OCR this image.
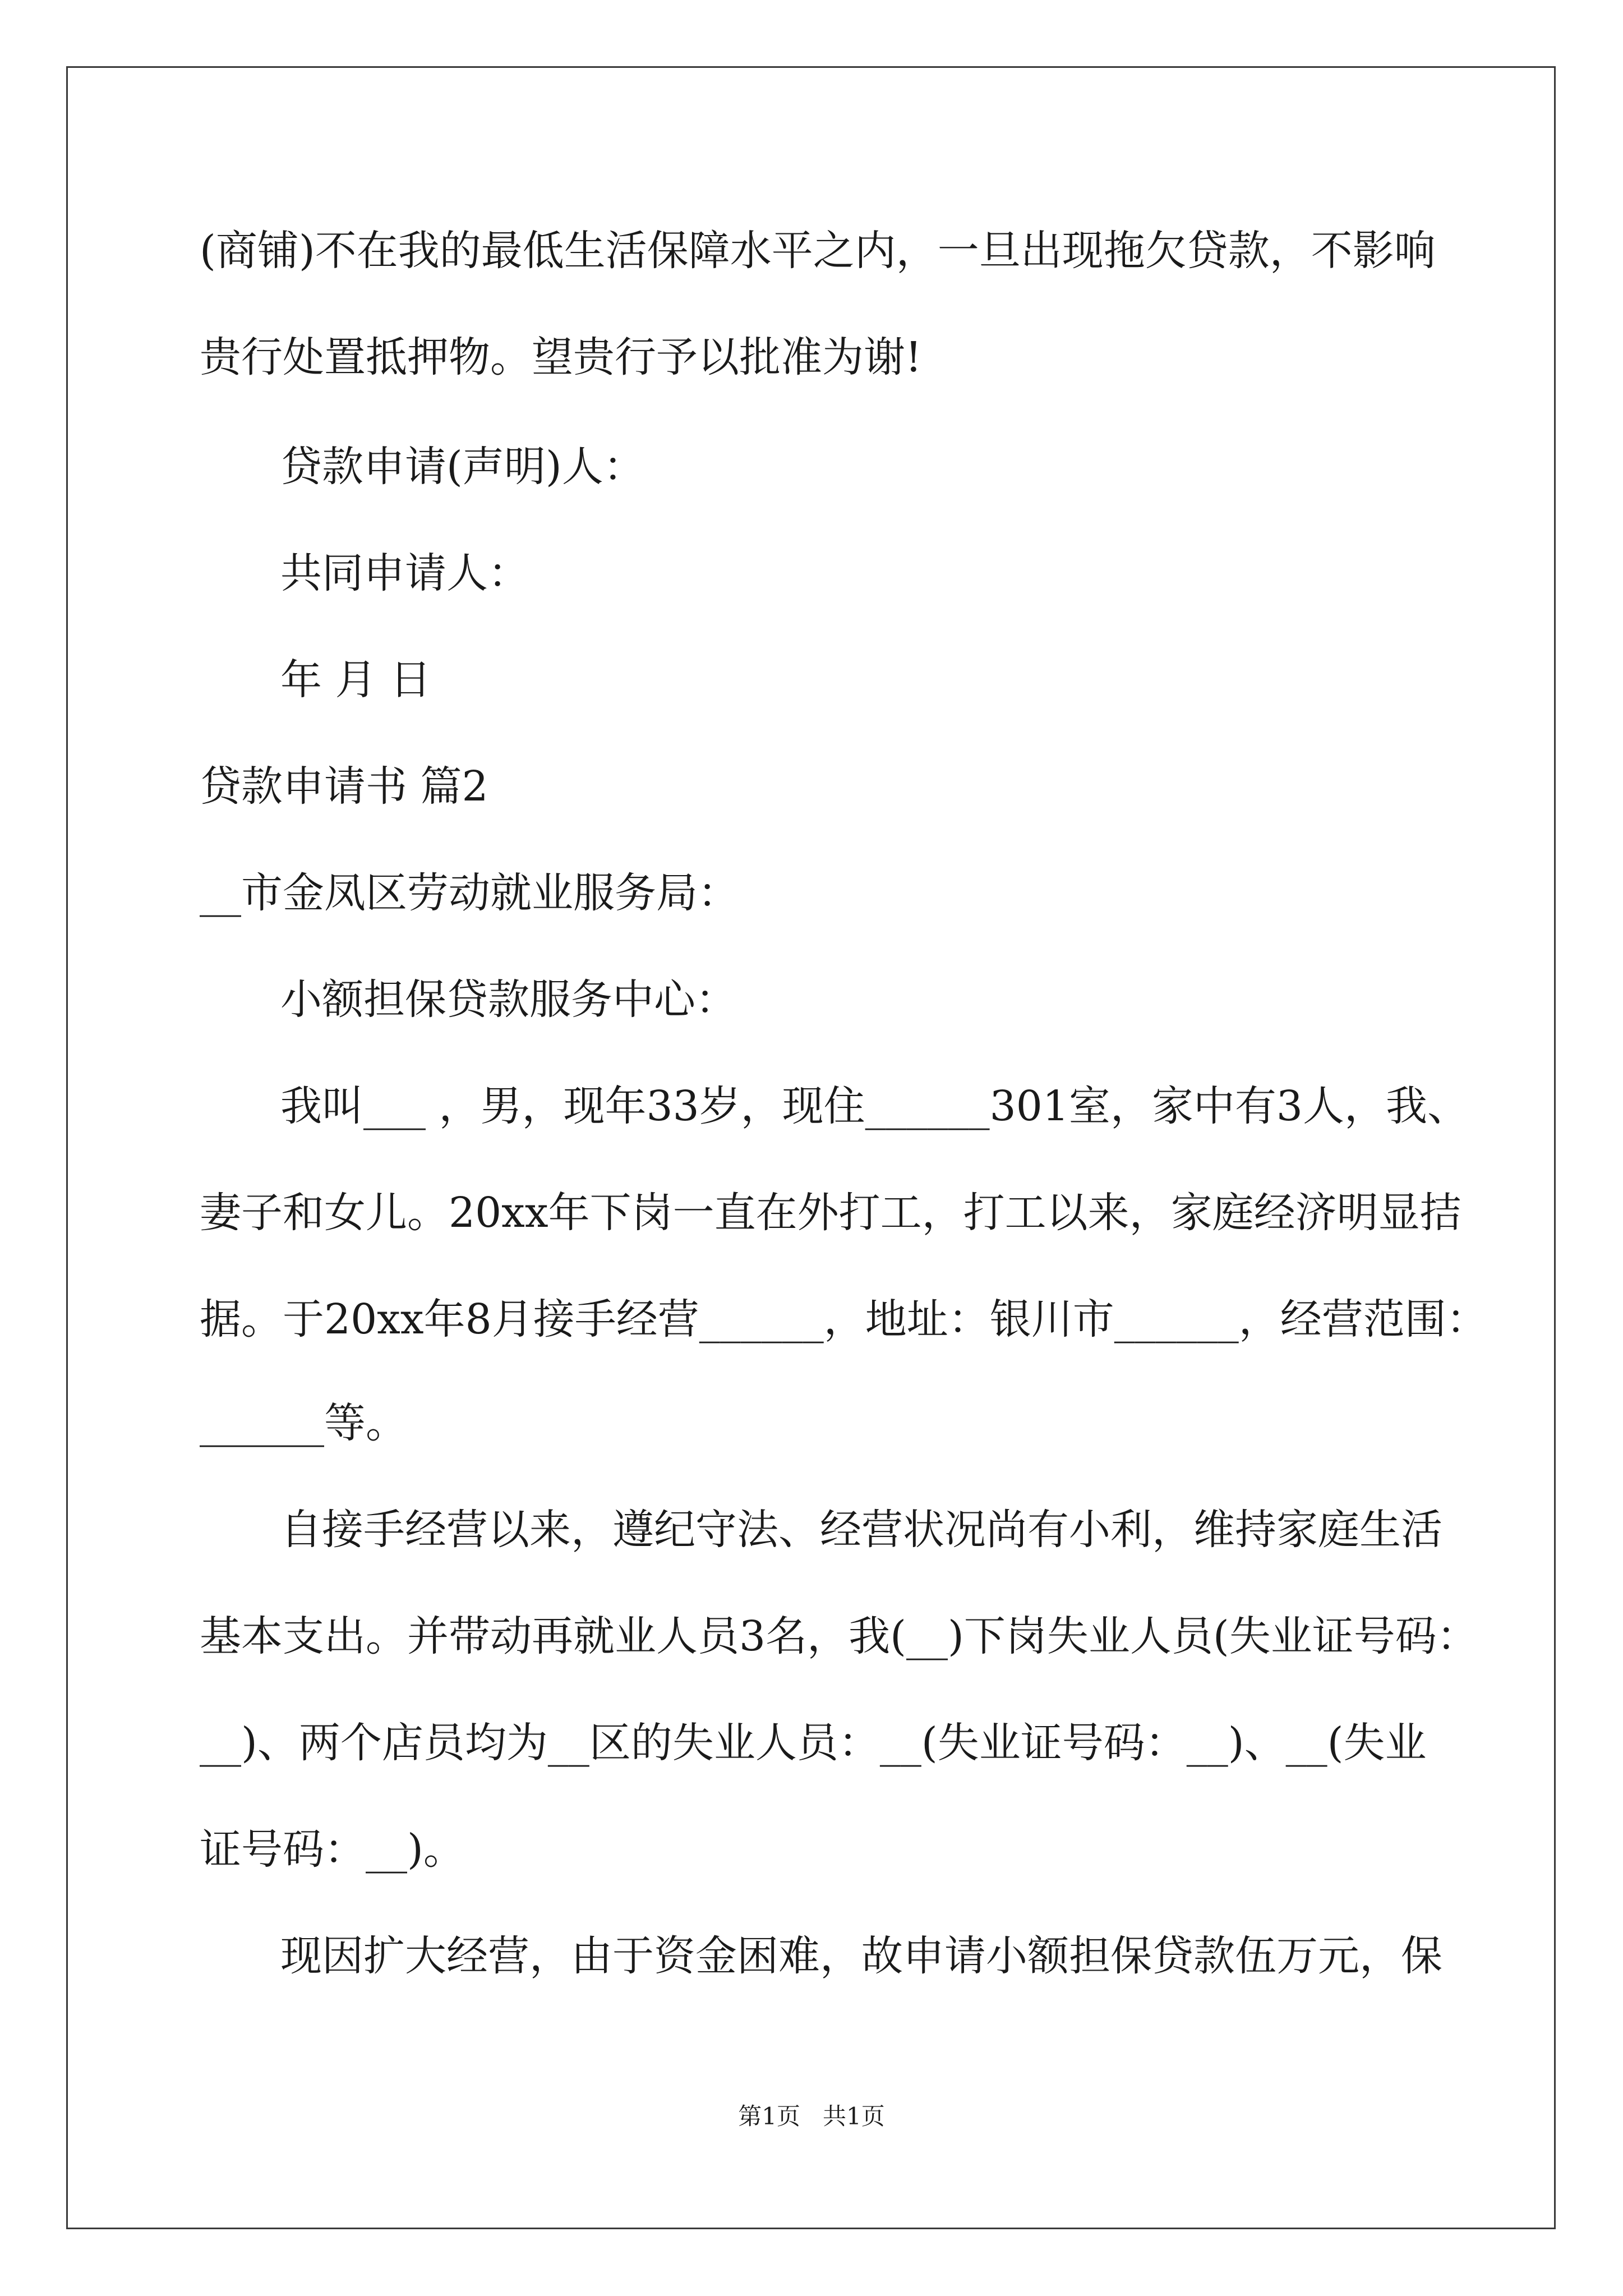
(商铺)不在我的最低生活保障水平之内，一旦出现拖欠贷款，不影响
贵行处置抵押物。望贵行予以批准为谢!
贷款申请(声明)人：
共同申请人：
年 月 日
贷款申请书 篇2
__市金凤区劳动就业服务局：
小额担保贷款服务中心：
我叫___ ，男，现年33岁，现住______301室，家中有3人，我、
妻子和女儿。20xx年下岗一直在外打工，打工以来，家庭经济明显拮
据。于20xx年8月接手经营______，地址：银川市______，经营范围：
______等。
自接手经营以来，遵纪守法、经营状况尚有小利，维持家庭生活
基本支出。并带动再就业人员3名，我(__)下岗失业人员(失业证号码：
__)、两个店员均为__区的失业人员：__(失业证号码：__)、__(失业
证号码：__)。
现因扩大经营，由于资金困难，故申请小额担保贷款伍万元，保
第1页   共1页
